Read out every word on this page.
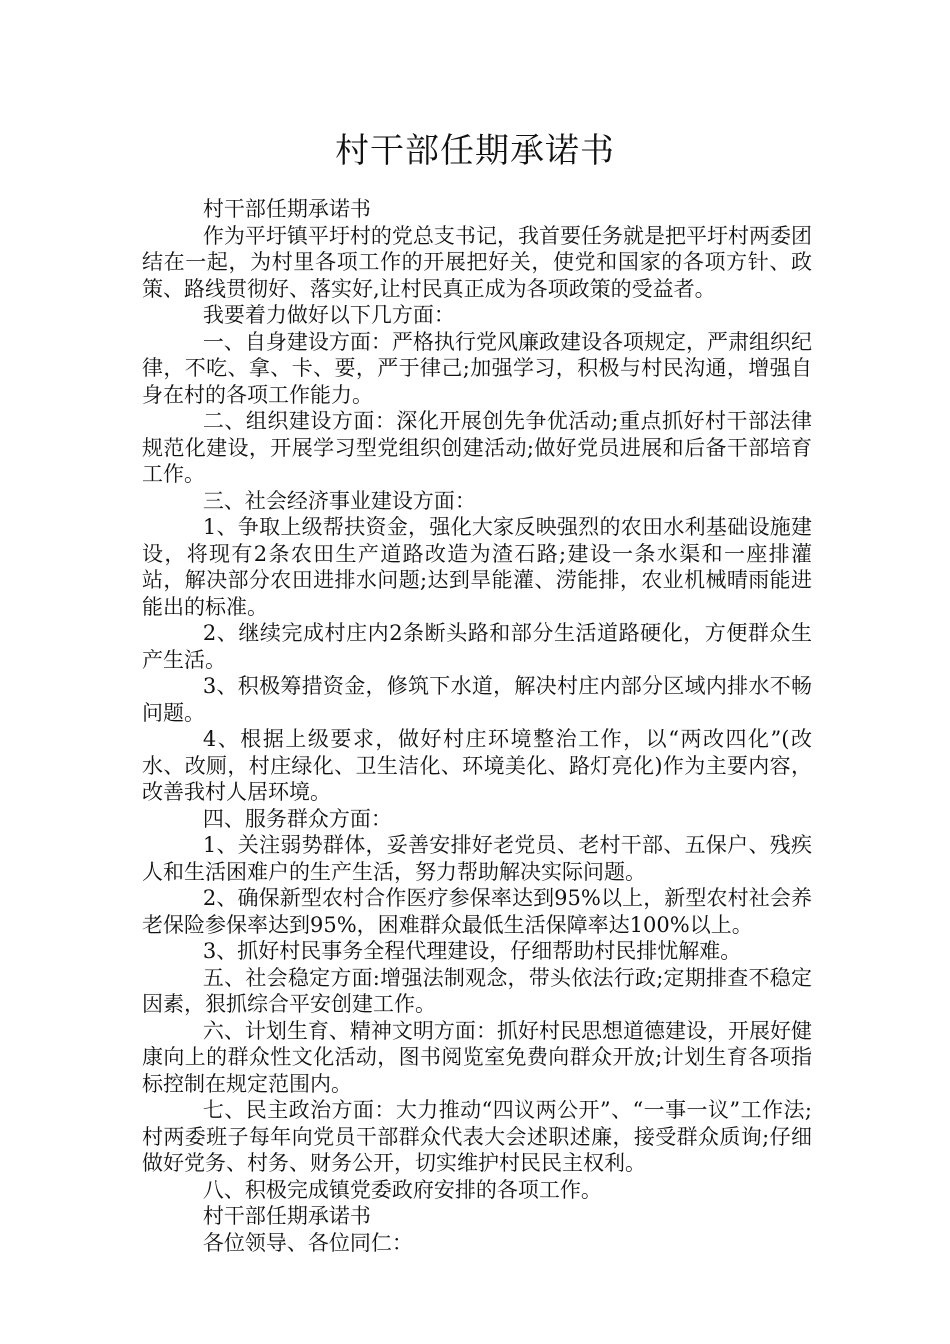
村干部任期承诺书

村干部任期承诺书

作为平圩镇平圩村的党总支书记，我首要任务就是把平圩村两委团结在一起，为村里各项工作的开展把好关，使党和国家的各项方针、政策、路线贯彻好、落实好,让村民真正成为各项政策的受益者。

我要着力做好以下几方面：

一、自身建设方面：严格执行党风廉政建设各项规定，严肃组织纪律，不吃、拿、卡、要，严于律己;加强学习，积极与村民沟通，增强自身在村的各项工作能力。

二、组织建设方面：深化开展创先争优活动;重点抓好村干部法律规范化建设，开展学习型党组织创建活动;做好党员进展和后备干部培育工作。

三、社会经济事业建设方面：

1、争取上级帮扶资金，强化大家反映强烈的农田水利基础设施建设，将现有2条农田生产道路改造为渣石路;建设一条水渠和一座排灌站，解决部分农田进排水问题;达到旱能灌、涝能排，农业机械晴雨能进能出的标准。

2、继续完成村庄内2条断头路和部分生活道路硬化，方便群众生产生活。

3、积极筹措资金，修筑下水道，解决村庄内部分区域内排水不畅问题。

4、根据上级要求，做好村庄环境整治工作，以“两改四化”(改水、改厕，村庄绿化、卫生洁化、环境美化、路灯亮化)作为主要内容，改善我村人居环境。

四、服务群众方面：

1、关注弱势群体，妥善安排好老党员、老村干部、五保户、残疾人和生活困难户的生产生活，努力帮助解决实际问题。

2、确保新型农村合作医疗参保率达到95%以上，新型农村社会养老保险参保率达到95%，困难群众最低生活保障率达100%以上。

3、抓好村民事务全程代理建设，仔细帮助村民排忧解难。

五、社会稳定方面:增强法制观念，带头依法行政;定期排查不稳定因素，狠抓综合平安创建工作。

六、计划生育、精神文明方面：抓好村民思想道德建设，开展好健康向上的群众性文化活动，图书阅览室免费向群众开放;计划生育各项指标控制在规定范围内。

七、民主政治方面：大力推动“四议两公开”、“一事一议”工作法;村两委班子每年向党员干部群众代表大会述职述廉，接受群众质询;仔细做好党务、村务、财务公开，切实维护村民民主权利。

八、积极完成镇党委政府安排的各项工作。

村干部任期承诺书

各位领导、各位同仁：
